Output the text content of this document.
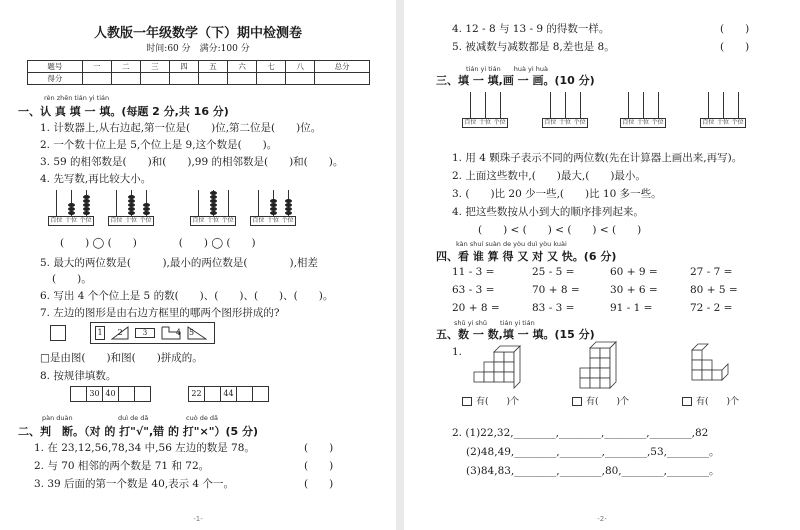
人教版一年级数学（下）期中检测卷
时间:60 分　满分:100 分
题号	一	二	三	四	五	六	七	八	总分
得分									
rèn zhēn tián yi tián
一、认 真 填 一 填。(每题 2 分,共 16 分)
1. 计数器上,从右边起,第一位是(　　)位,第二位是(　　)位。
2. 一个数十位上是 5,个位上是 9,这个数是(　　)。
3. 59 的相邻数是(　　)和(　　),99 的相邻数是(　　)和(　　)。
4. 先写数,再比较大小。
百位 十位 个位	百位 十位 个位	百位 十位 个位	百位 十位 个位
(　　) ◯ (　　)　　　　(　　) ◯ (　　)
5. 最大的两位数是(　　　),最小的两位数是(　　　　),相差
(　　)。
6. 写出 4 个个位上是 5 的数(　　)、(　　)、(　　)、(　　)。
7. 左边的图形是由右边方框里的哪两个图形拼成的?
1	2	3	4 5
□是由图(　　)和图(　　)拼成的。
8. 按规律填数。
30 40	22	44
pàn duàn	duì de dǎ	cuò de dǎ
二、判　断。（对 的 打"√",错 的 打"×"）(5 分)
1. 在 23,12,56,78,34 中,56 左边的数是 78。	(　　)
2. 与 70 相邻的两个数是 71 和 72。	(　　)
3. 39 后面的第一个数是 40,表示 4 个一。	(　　)
-1-
4. 12 - 8 与 13 - 9 的得数一样。	(　　)
5. 被减数与减数都是 8,差也是 8。	(　　)
tián yi tián　　huà yi huà
三、填 一 填,画 一 画。(10 分)
百位 十位 个位	百位 十位 个位	百位 十位 个位	百位 十位 个位
1. 用 4 颗珠子表示不同的两位数(先在计算器上画出来,再写)。
2. 上面这些数中,(　　)最大,(　　)最小。
3. (　　)比 20 少一些,(　　)比 10 多一些。
4. 把这些数按从小到大的顺序排列起来。
(　　) < (　　) < (　　) < (　　)
kàn shuí suàn de yòu duì yòu kuài
四、看 谁 算 得 又 对 又 快。(6 分)
11 - 3 =	25 - 5 =	60 + 9 =	27 - 7 =
63 - 3 =	70 + 8 =	30 + 6 =	80 + 5 =
20 + 8 =	83 - 3 =	91 - 1 =	72 - 2 =
shǔ yi shǔ　　tián yi tián
五、数 一 数,填 一 填。(15 分)
1.
有(　　)个	有(　　)个	有(　　)个
2. (1)22,32,________,________,________,________,82
(2)48,49,________,________,________,53,________。
(3)84,83,________,________,80,________,________。
-2-
